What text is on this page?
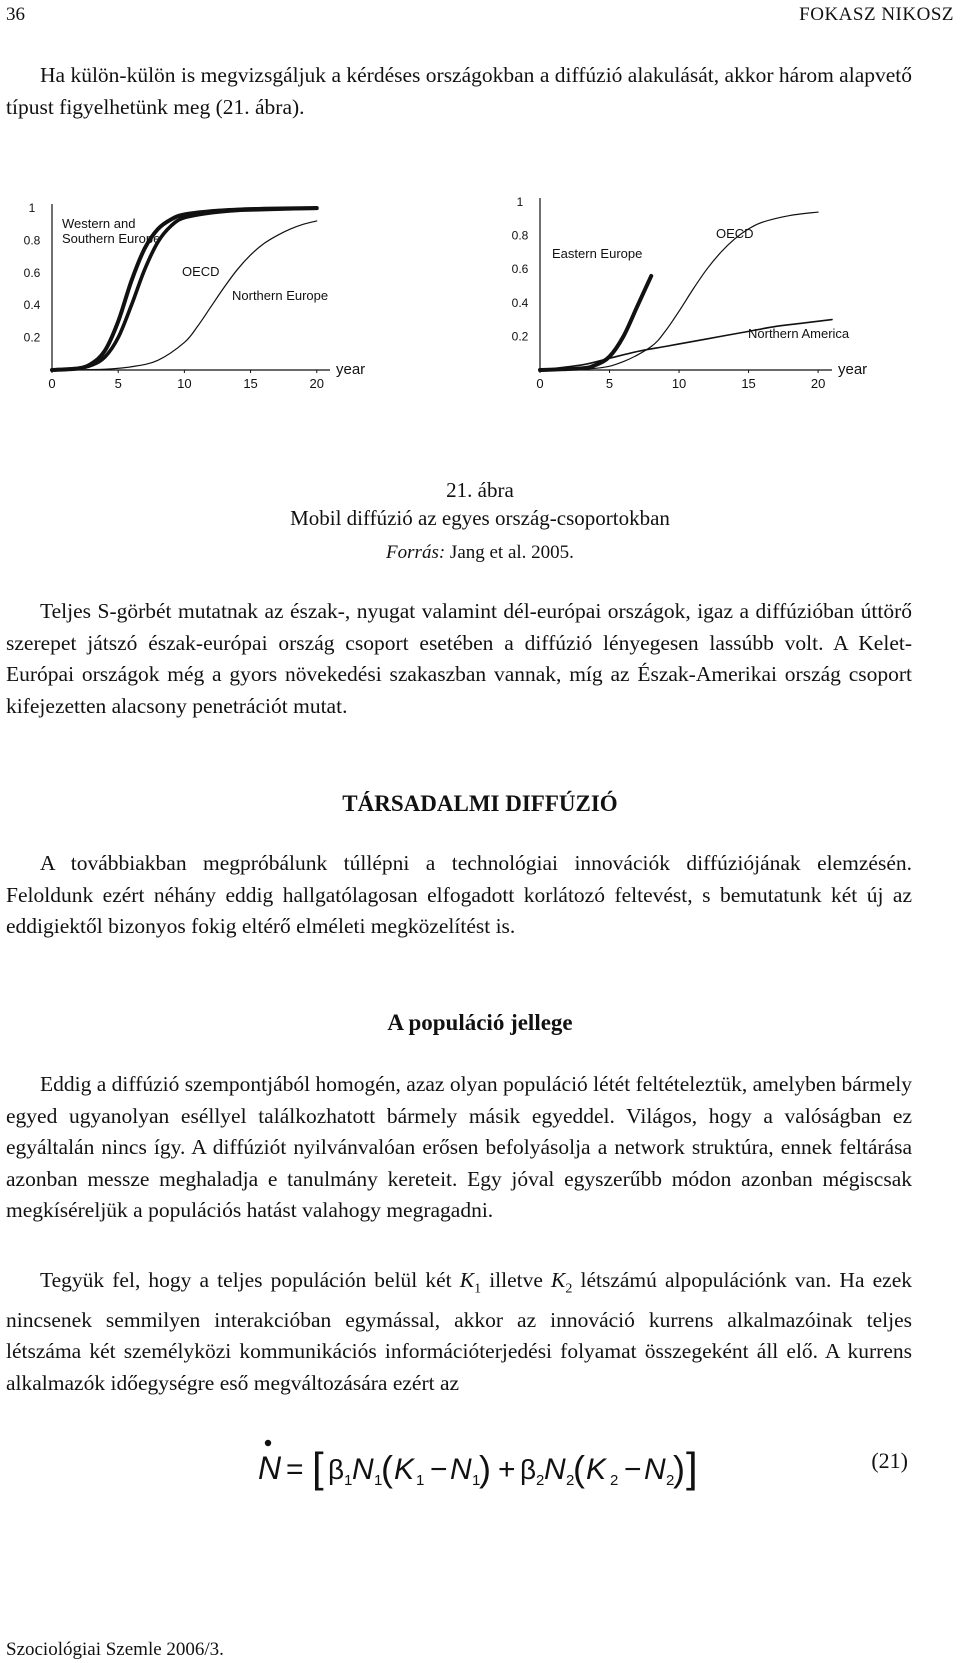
36	FOKASZ NIKOSZ

Ha külön-külön is megvizsgáljuk a kérdéses országokban a diffúzió alakulását, akkor három alapvető típust figyelhetünk meg (21. ábra).

0	5	10	15	20
year
0.2
0.4
0.6
0.8
1
Western and Southern Europe
OECD
Northern Europe
0	5	10	15	20
year
0.2
0.4
0.6
0.8
1
OECD
Eastern Europe
Northern America
21. ábra
Mobil diffúzió az egyes ország-csoportokban
Forrás: Jang et al. 2005.

Teljes S-görbét mutatnak az észak-, nyugat valamint dél-európai országok, igaz a diffúzióban úttörő szerepet játszó észak-európai ország csoport esetében a diffúzió lényegesen lassúbb volt. A Kelet-Európai országok még a gyors növekedési szakaszban vannak, míg az Észak-Amerikai ország csoport kifejezetten alacsony penetrációt mutat.

TÁRSADALMI DIFFÚZIÓ

A továbbiakban megpróbálunk túllépni a technológiai innovációk diffúziójának elemzésén. Feloldunk ezért néhány eddig hallgatólagosan elfogadott korlátozó feltevést, s bemutatunk két új az eddigiektől bizonyos fokig eltérő elméleti megközelítést is.

A populáció jellege

Eddig a diffúzió szempontjából homogén, azaz olyan populáció létét feltételeztük, amelyben bármely egyed ugyanolyan eséllyel találkozhatott bármely másik egyeddel. Világos, hogy a valóságban ez egyáltalán nincs így. A diffúziót nyilvánvalóan erősen befolyásolja a network struktúra, ennek feltárása azonban messze meghaladja e tanulmány kereteit. Egy jóval egyszerűbb módon azonban mégiscsak megkíséreljük a populációs hatást valahogy megragadni.

Tegyük fel, hogy a teljes populáción belül két $K_1$ illetve $K_2$ létszámú alpopulációnk van. Ha ezek nincsenek semmilyen interakcióban egymással, akkor az innováció kurrens alkalmazóinak teljes létszáma két személyközi kommunikációs információterjedési folyamat összegeként áll elő. A kurrens alkalmazók időegységre eső megváltozására ezért az

N = [ β 1 N 1
( K 1 − N 1
) + β 2 N 2
( K 2 − N 2
) ]	(21)
Szociológiai Szemle 2006/3.
